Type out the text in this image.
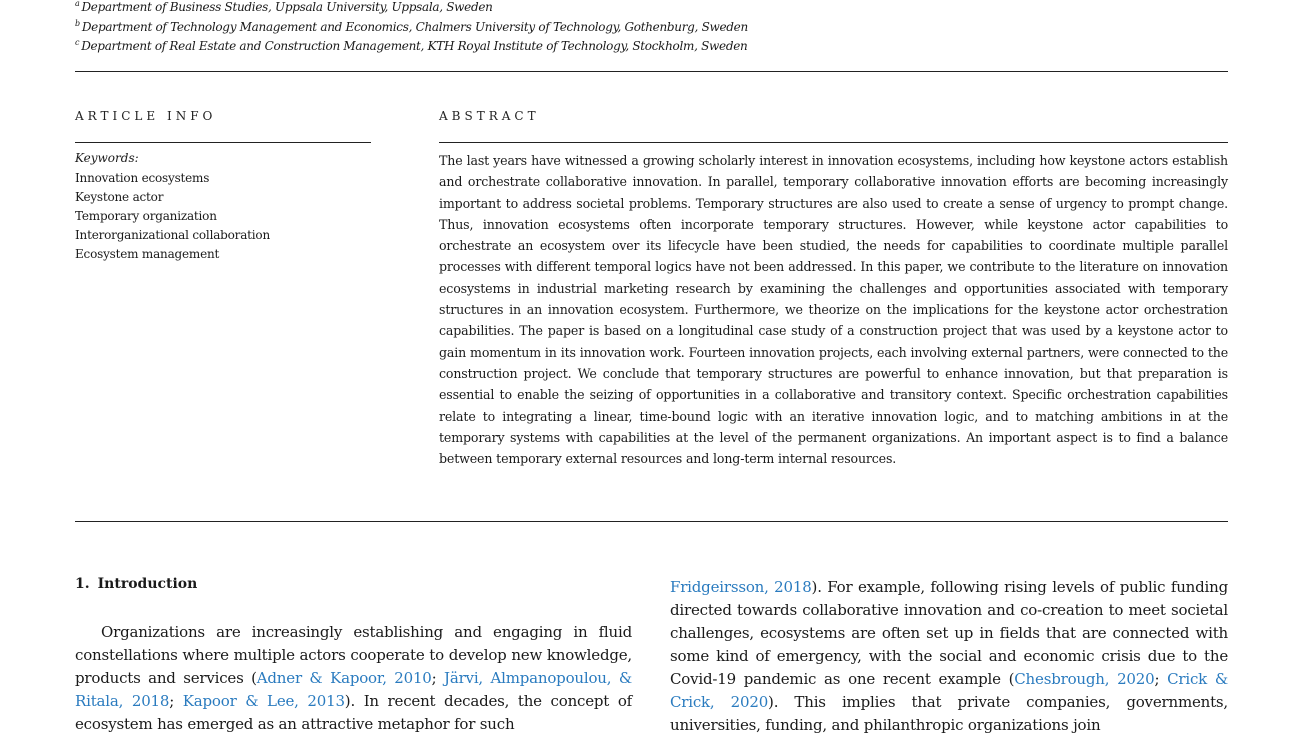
$^a$ Department of Business Studies, Uppsala University, Uppsala, Sweden
$^b$ Department of Technology Management and Economics, Chalmers University of Technology, Gothenburg, Sweden
$^c$ Department of Real Estate and Construction Management, KTH Royal Institute of Technology, Stockholm, Sweden
ARTICLE INFO
Keywords:
Innovation ecosystems
Keystone actor
Temporary organization
Interorganizational collaboration
Ecosystem management
ABSTRACT
The last years have witnessed a growing scholarly interest in innovation ecosystems, including how keystone actors establish and orchestrate collaborative innovation. In parallel, temporary collaborative innovation efforts are becoming increasingly important to address societal problems. Temporary structures are also used to create a sense of urgency to prompt change. Thus, innovation ecosystems often incorporate temporary structures. However, while keystone actor capabilities to orchestrate an ecosystem over its lifecycle have been studied, the needs for capabilities to coordinate multiple parallel processes with different temporal logics have not been addressed. In this paper, we contribute to the literature on innovation ecosystems in industrial marketing research by examining the challenges and opportunities associated with temporary structures in an innovation ecosystem. Furthermore, we theorize on the implications for the keystone actor orchestration capabilities. The paper is based on a longitudinal case study of a construction project that was used by a keystone actor to gain momentum in its innovation work. Fourteen innovation projects, each involving external partners, were connected to the construction project. We conclude that temporary structures are powerful to enhance innovation, but that preparation is essential to enable the seizing of opportunities in a collaborative and transitory context. Specific orchestration capabilities relate to integrating a linear, time-bound logic with an iterative innovation logic, and to matching ambitions in at the temporary systems with capabilities at the level of the permanent organizations. An important aspect is to find a balance between temporary external resources and long-term internal resources.
1. Introduction
Organizations are increasingly establishing and engaging in fluid constellations where multiple actors cooperate to develop new knowledge, products and services (Adner & Kapoor, 2010; Järvi, Almpanopoulou, & Ritala, 2018; Kapoor & Lee, 2013). In recent decades, the concept of ecosystem has emerged as an attractive metaphor for such
Fridgeirsson, 2018). For example, following rising levels of public funding directed towards collaborative innovation and co-creation to meet societal challenges, ecosystems are often set up in fields that are connected with some kind of emergency, with the social and economic crisis due to the Covid-19 pandemic as one recent example (Chesbrough, 2020; Crick & Crick, 2020). This implies that private companies, governments, universities, funding, and philanthropic organizations join
